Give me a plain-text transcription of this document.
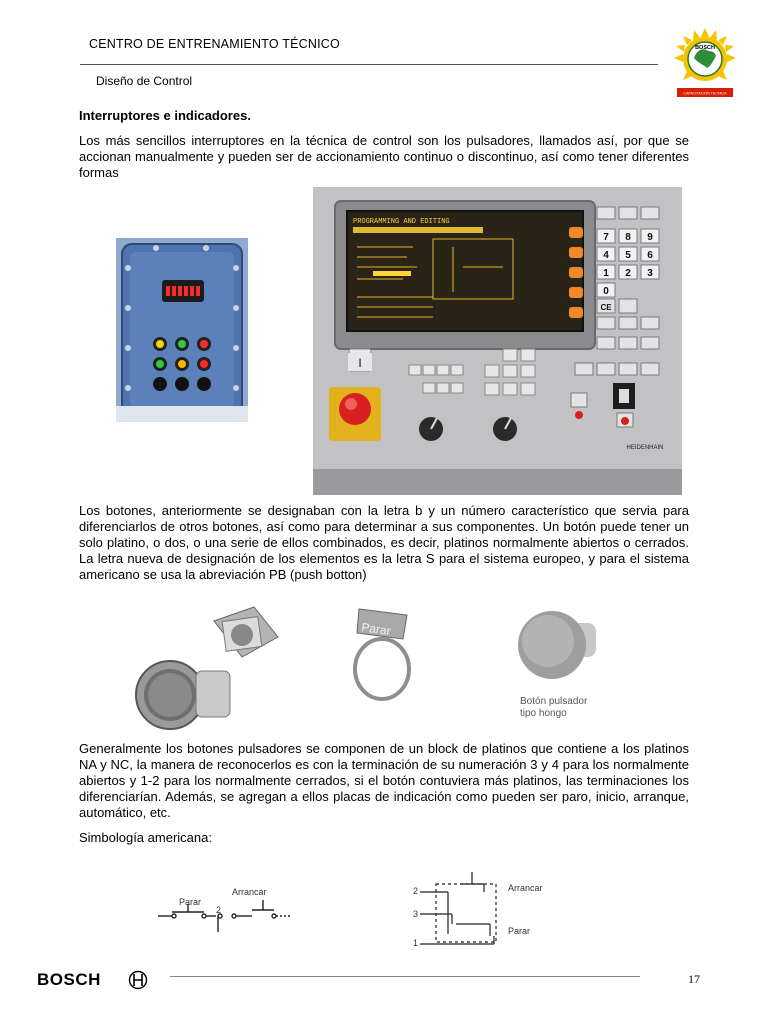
CENTRO DE ENTRENAMIENTO TÉCNICO
Diseño de Control
BOSCH
CAPACITACION TECNICA
Interruptores e indicadores.

Los más sencillos interruptores en la técnica de control son los pulsadores, llamados así, por que se accionan manualmente y pueden ser de accionamiento continuo o discontinuo, así como tener diferentes formas

PROGRAMMING AND EDITING
I
7 8 9
4 5 6
1 2 3
0
CE
HEIDENHAIN

Los botones, anteriormente se designaban con la letra b y un número característico que servia para diferenciarlos de otros botones, así como para determinar a sus componentes. Un botón puede tener un solo platino, o dos, o una serie de ellos combinados, es decir, platinos normalmente abiertos o cerrados. La letra nueva de designación de los elementos es la letra S para el sistema europeo, y para el sistema americano se usa la abreviación PB (push botton)

Parar
Botón pulsador
tipo hongo

Generalmente los botones pulsadores se componen de un block de platinos que contiene a los platinos NA y NC, la manera de reconocerlos es con la terminación de su numeración 3 y 4 para los normalmente abiertos y 1-2 para los normalmente cerrados, si el botón contuviera más platinos, las terminaciones los diferenciarían. Además, se agregan a ellos placas de indicación como pueden ser paro, inicio, arranque, automático, etc.

Simbología americana:
Parar
Arrancar
2
2
3
1
Arrancar
Parar
BOSCH	17
